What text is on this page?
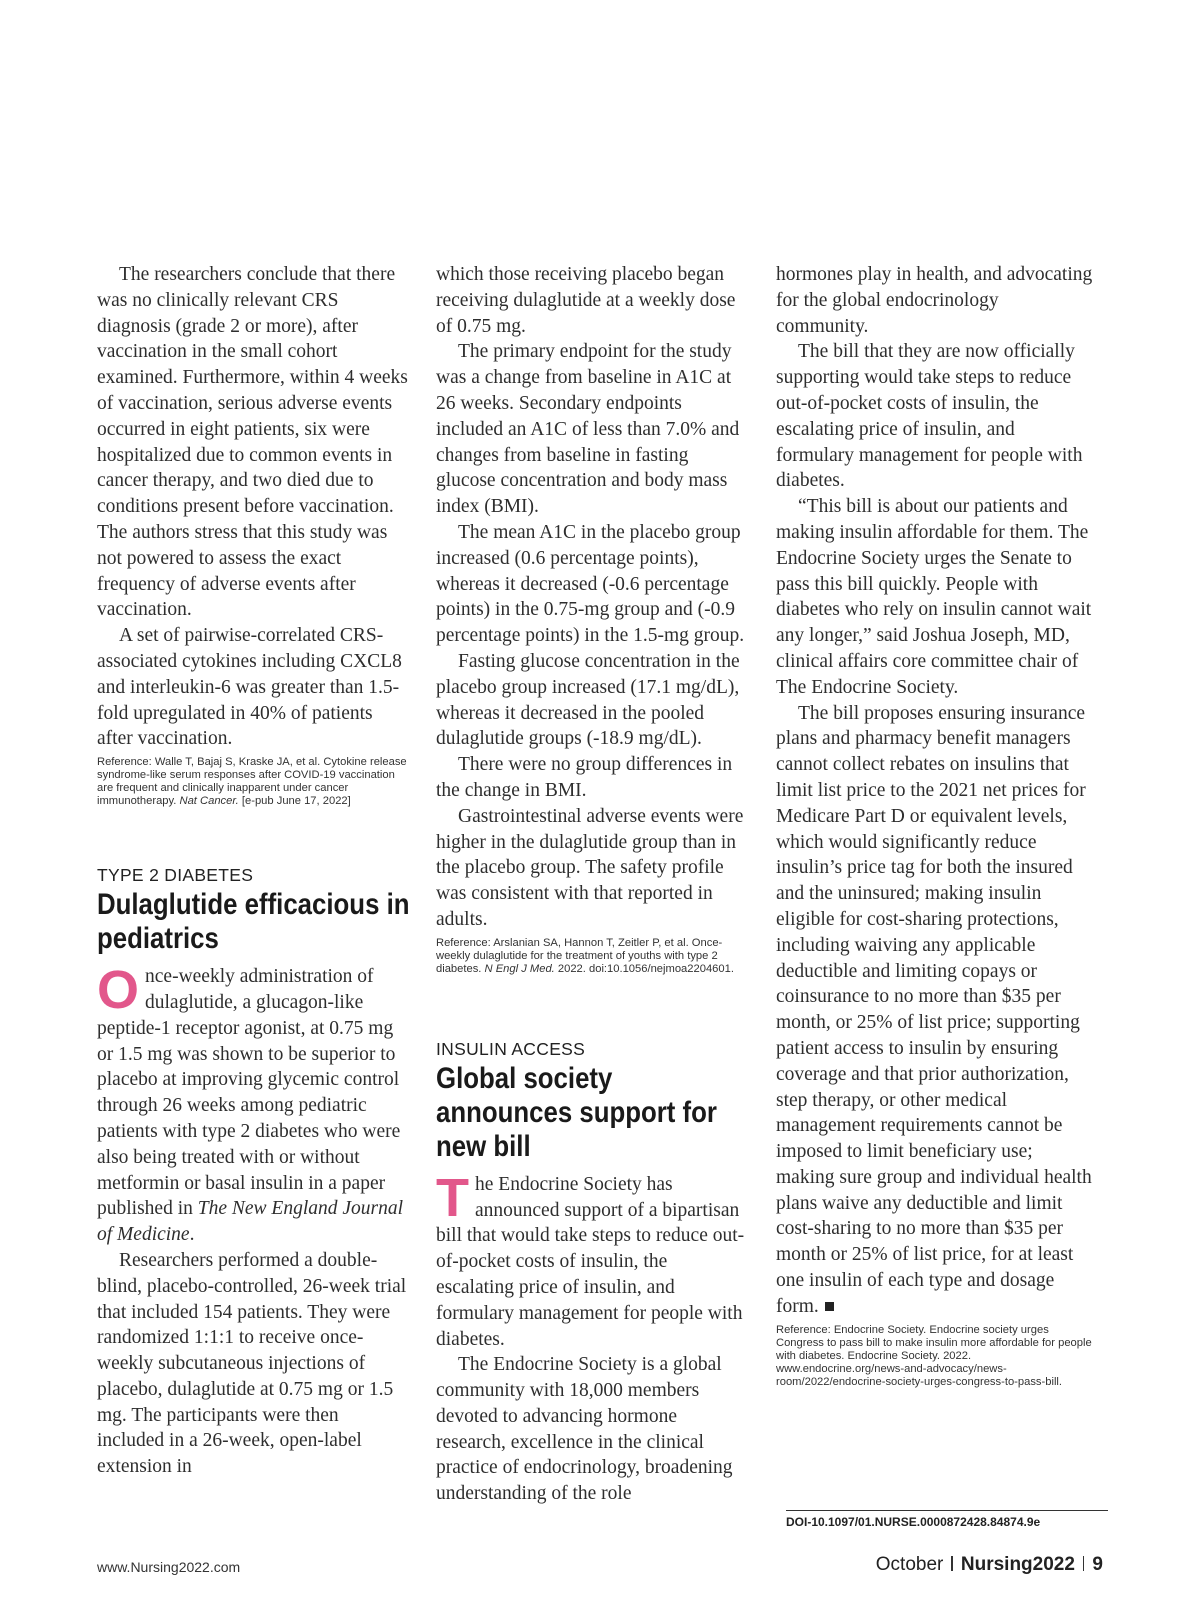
The researchers conclude that there was no clinically relevant CRS diagnosis (grade 2 or more), after vaccination in the small cohort examined. Furthermore, within 4 weeks of vaccination, serious adverse events occurred in eight patients, six were hospitalized due to common events in cancer therapy, and two died due to conditions present before vaccination. The authors stress that this study was not powered to assess the exact frequency of adverse events after vaccination.

A set of pairwise-correlated CRS-associated cytokines including CXCL8 and interleukin-6 was greater than 1.5-fold upregulated in 40% of patients after vaccination.

Reference: Walle T, Bajaj S, Kraske JA, et al. Cytokine release syndrome-like serum responses after COVID-19 vaccination are frequent and clinically inapparent under cancer immunotherapy. Nat Cancer. [e-pub June 17, 2022]

TYPE 2 DIABETES
Dulaglutide efficacious in pediatrics

Once-weekly administration of dulaglutide, a glucagon-like peptide-1 receptor agonist, at 0.75 mg or 1.5 mg was shown to be superior to placebo at improving glycemic control through 26 weeks among pediatric patients with type 2 diabetes who were also being treated with or without metformin or basal insulin in a paper published in The New England Journal of Medicine.

Researchers performed a double-blind, placebo-controlled, 26-week trial that included 154 patients. They were randomized 1:1:1 to receive once-weekly subcutaneous injections of placebo, dulaglutide at 0.75 mg or 1.5 mg. The participants were then included in a 26-week, open-label extension in

which those receiving placebo began receiving dulaglutide at a weekly dose of 0.75 mg.

The primary endpoint for the study was a change from baseline in A1C at 26 weeks. Secondary endpoints included an A1C of less than 7.0% and changes from baseline in fasting glucose concentration and body mass index (BMI).

The mean A1C in the placebo group increased (0.6 percentage points), whereas it decreased (-0.6 percentage points) in the 0.75-mg group and (-0.9 percentage points) in the 1.5-mg group.

Fasting glucose concentration in the placebo group increased (17.1 mg/dL), whereas it decreased in the pooled dulaglutide groups (-18.9 mg/dL).

There were no group differences in the change in BMI.

Gastrointestinal adverse events were higher in the dulaglutide group than in the placebo group. The safety profile was consistent with that reported in adults.

Reference: Arslanian SA, Hannon T, Zeitler P, et al. Once-weekly dulaglutide for the treatment of youths with type 2 diabetes. N Engl J Med. 2022. doi:10.1056/nejmoa2204601.

INSULIN ACCESS
Global society announces support for new bill

The Endocrine Society has announced support of a bipartisan bill that would take steps to reduce out-of-pocket costs of insulin, the escalating price of insulin, and formulary management for people with diabetes.

The Endocrine Society is a global community with 18,000 members devoted to advancing hormone research, excellence in the clinical practice of endocrinology, broadening understanding of the role

hormones play in health, and advocating for the global endocrinology community.

The bill that they are now officially supporting would take steps to reduce out-of-pocket costs of insulin, the escalating price of insulin, and formulary management for people with diabetes.

“This bill is about our patients and making insulin affordable for them. The Endocrine Society urges the Senate to pass this bill quickly. People with diabetes who rely on insulin cannot wait any longer,” said Joshua Joseph, MD, clinical affairs core committee chair of The Endocrine Society.

The bill proposes ensuring insurance plans and pharmacy benefit managers cannot collect rebates on insulins that limit list price to the 2021 net prices for Medicare Part D or equivalent levels, which would significantly reduce insulin’s price tag for both the insured and the uninsured; making insulin eligible for cost-sharing protections, including waiving any applicable deductible and limiting copays or coinsurance to no more than $35 per month, or 25% of list price; supporting patient access to insulin by ensuring coverage and that prior authorization, step therapy, or other medical management requirements cannot be imposed to limit beneficiary use; making sure group and individual health plans waive any deductible and limit cost-sharing to no more than $35 per month or 25% of list price, for at least one insulin of each type and dosage form.

Reference: Endocrine Society. Endocrine society urges Congress to pass bill to make insulin more affordable for people with diabetes. Endocrine Society. 2022. www.endocrine.org/news-and-advocacy/news-room/2022/endocrine-society-urges-congress-to-pass-bill.

DOI-10.1097/01.NURSE.0000872428.84874.9e
www.Nursing2022.com	October Nursing2022 9
